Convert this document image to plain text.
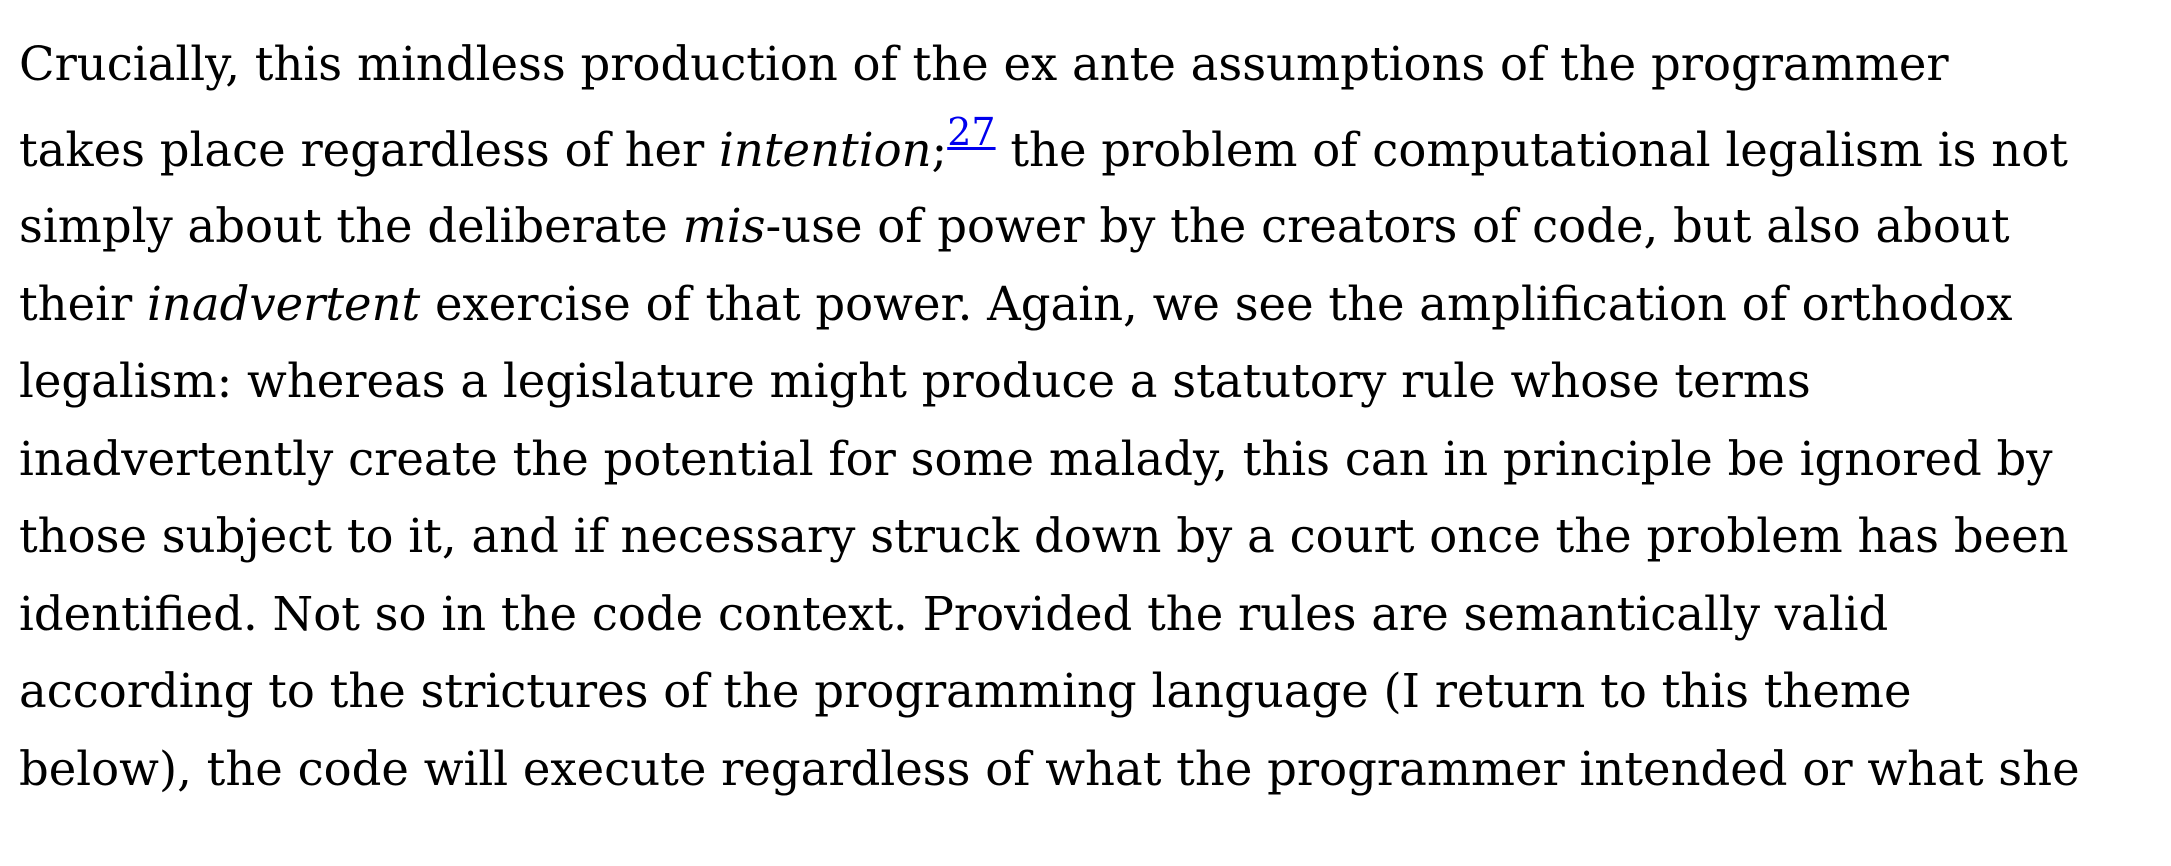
Crucially, this mindless production of the ex ante assumptions of the programmer
takes place regardless of her intention;$^{27}$ the problem of computational legalism is not
simply about the deliberate mis-use of power by the creators of code, but also about
their inadvertent exercise of that power. Again, we see the amplification of orthodox
legalism: whereas a legislature might produce a statutory rule whose terms
inadvertently create the potential for some malady, this can in principle be ignored by
those subject to it, and if necessary struck down by a court once the problem has been
identified. Not so in the code context. Provided the rules are semantically valid
according to the strictures of the programming language (I return to this theme
below), the code will execute regardless of what the programmer intended or what she
